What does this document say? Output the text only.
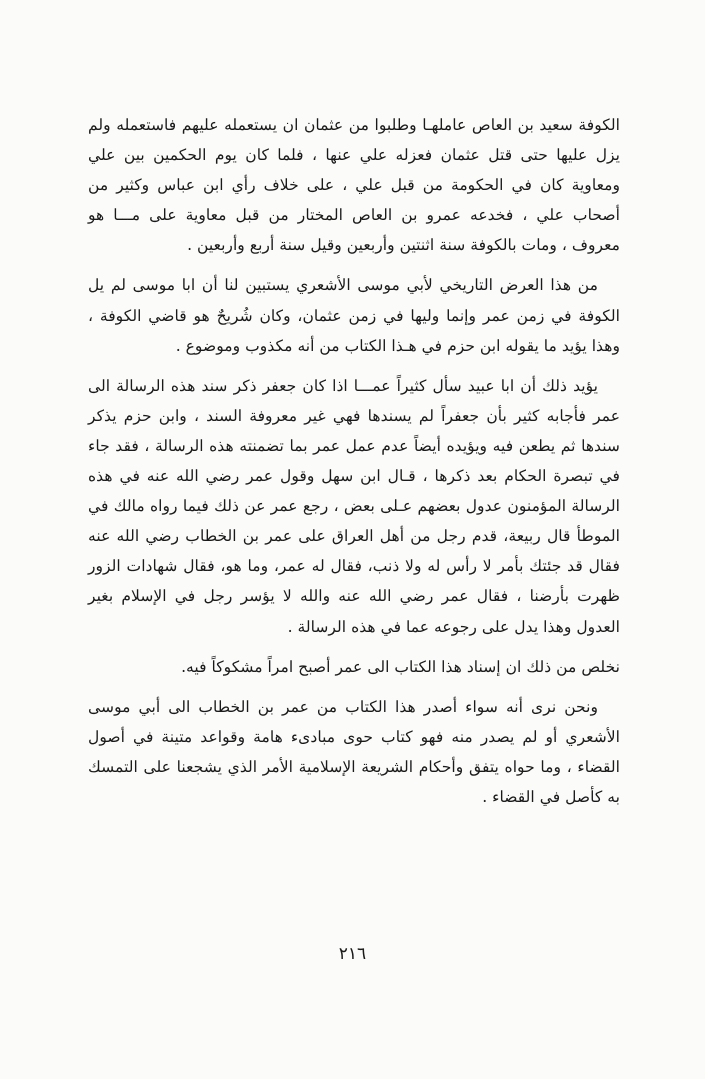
الكوفة سعيد بن العاص عاملهـا وطلبوا من عثمان ان يستعمله عليهم فاستعمله ولم يزل عليها حتى قتل عثمان فعزله علي عنها ، فلما كان يوم الحكمين بين علي ومعاوية كان في الحكومة من قبل علي ، على خلاف رأي ابن عباس وكثير من أصحاب علي ، فخدعه عمرو بن العاص المختار من قبل معاوية على مـــا هو معروف ، ومات بالكوفة سنة اثنتين وأربعين وقيل سنة أربع وأربعين .

من هذا العرض التاريخي لأبي موسى الأشعري يستبين لنا أن ابا موسى لم يل الكوفة في زمن عمر وإنما وليها في زمن عثمان، وكان شُريحٌ هو قاضي الكوفة ، وهذا يؤيد ما يقوله ابن حزم في هـذا الكتاب من أنه مكذوب وموضوع .

يؤيد ذلك أن ابا عبيد سأل كثيراً عمـــا اذا كان جعفر ذكر سند هذه الرسالة الى عمر فأجابه كثير بأن جعفراً لم يسندها فهي غير معروفة السند ، وابن حزم يذكر سندها ثم يطعن فيه ويؤيده أيضاً عدم عمل عمر بما تضمنته هذه الرسالة ، فقد جاء في تبصرة الحكام بعد ذكرها ، قـال ابن سهل وقول عمر رضي الله عنه في هذه الرسالة المؤمنون عدول بعضهم عـلى بعض ، رجع عمر عن ذلك فيما رواه مالك في الموطأ قال ربيعة، قدم رجل من أهل العراق على عمر بن الخطاب رضي الله عنه فقال قد جئتك بأمر لا رأس له ولا ذنب، فقال له عمر، وما هو، فقال شهادات الزور ظهرت بأرضنا ، فقال عمر رضي الله عنه والله لا يؤسر رجل في الإسلام بغير العدول وهذا يدل على رجوعه عما في هذه الرسالة .

نخلص من ذلك ان إسناد هذا الكتاب الى عمر أصبح امراً مشكوكاً فيه.

ونحن نرى أنه سواء أصدر هذا الكتاب من عمر بن الخطاب الى أبي موسى الأشعري أو لم يصدر منه فهو كتاب حوى مبادىء هامة وقواعد متينة في أصول القضاء ، وما حواه يتفق وأحكام الشريعة الإسلامية الأمر الذي يشجعنا على التمسك به كأصل في القضاء .

٢١٦
